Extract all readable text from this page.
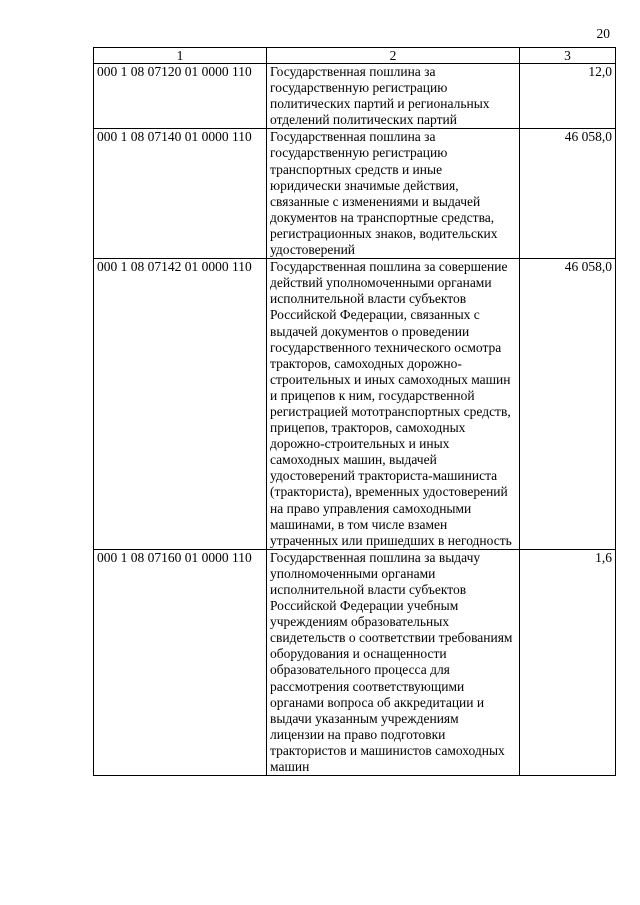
20
1	2	3
000 1 08 07120 01 0000 110	Государственная пошлина за государственную регистрацию политических партий и региональных отделений политических партий	12,0
000 1 08 07140 01 0000 110	Государственная пошлина за государственную регистрацию транспортных средств и иные юридически значимые действия, связанные с изменениями и выдачей документов на транспортные средства, регистрационных знаков, водительских удостоверений	46 058,0
000 1 08 07142 01 0000 110	Государственная пошлина за совершение действий уполномоченными органами исполнительной власти субъектов Российской Федерации, связанных с выдачей документов о проведении государственного технического осмотра тракторов, самоходных дорожно-строительных и иных самоходных машин и прицепов к ним, государственной регистрацией мототранспортных средств, прицепов, тракторов, самоходных дорожно-строительных и иных самоходных машин, выдачей удостоверений тракториста-машиниста (тракториста), временных удостоверений на право управления самоходными машинами, в том числе взамен утраченных или пришедших в негодность	46 058,0
000 1 08 07160 01 0000 110	Государственная пошлина за выдачу уполномоченными органами исполнительной власти субъектов Российской Федерации учебным учреждениям образовательных свидетельств о соответствии требованиям оборудования и оснащенности образовательного процесса для рассмотрения соответствующими органами вопроса об аккредитации и выдачи указанным учреждениям лицензии на право подготовки трактористов и машинистов самоходных машин	1,6
